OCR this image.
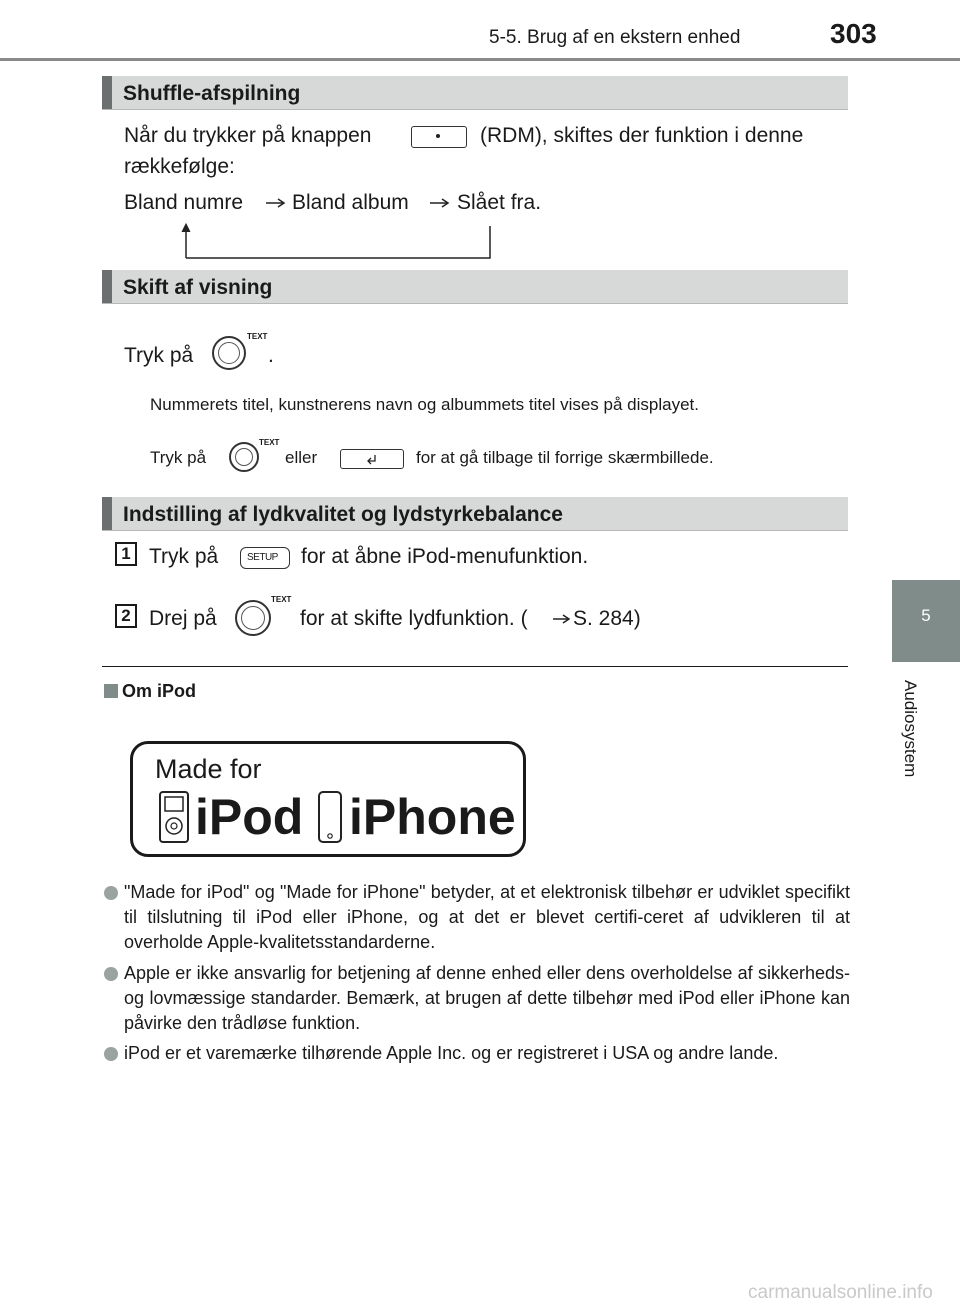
5-5. Brug af en ekstern enhed	303
5
Audiosystem
Shuffle-afspilning
Når du trykker på knappen	(RDM), skiftes der funktion i denne
rækkefølge:
Bland numre Bland album Slået fra.
Skift af visning
Tryk på
TEXT
.
Nummerets titel, kunstnerens navn og albummets titel vises på displayet.
Tryk på
TEXT
eller	for at gå tilbage til forrige skærmbillede.
Indstilling af lydkvalitet og lydstyrkebalance
1 Tryk på	SETUP for at åbne iPod-menufunktion.
2 Drej på
TEXT
for at skifte lydfunktion. ( S. 284)
Om iPod
Made for
iPod iPhone
"Made for iPod" og "Made for iPhone" betyder, at et elektronisk tilbehør er udviklet specifikt til tilslutning til iPod eller iPhone, og at det er blevet certifi-ceret af udvikleren til at overholde Apple-kvalitetsstandarderne.
Apple er ikke ansvarlig for betjening af denne enhed eller dens overholdelse af sikkerheds- og lovmæssige standarder. Bemærk, at brugen af dette tilbehør med iPod eller iPhone kan påvirke den trådløse funktion.
iPod er et varemærke tilhørende Apple Inc. og er registreret i USA og andre lande.
carmanualsonline.info
